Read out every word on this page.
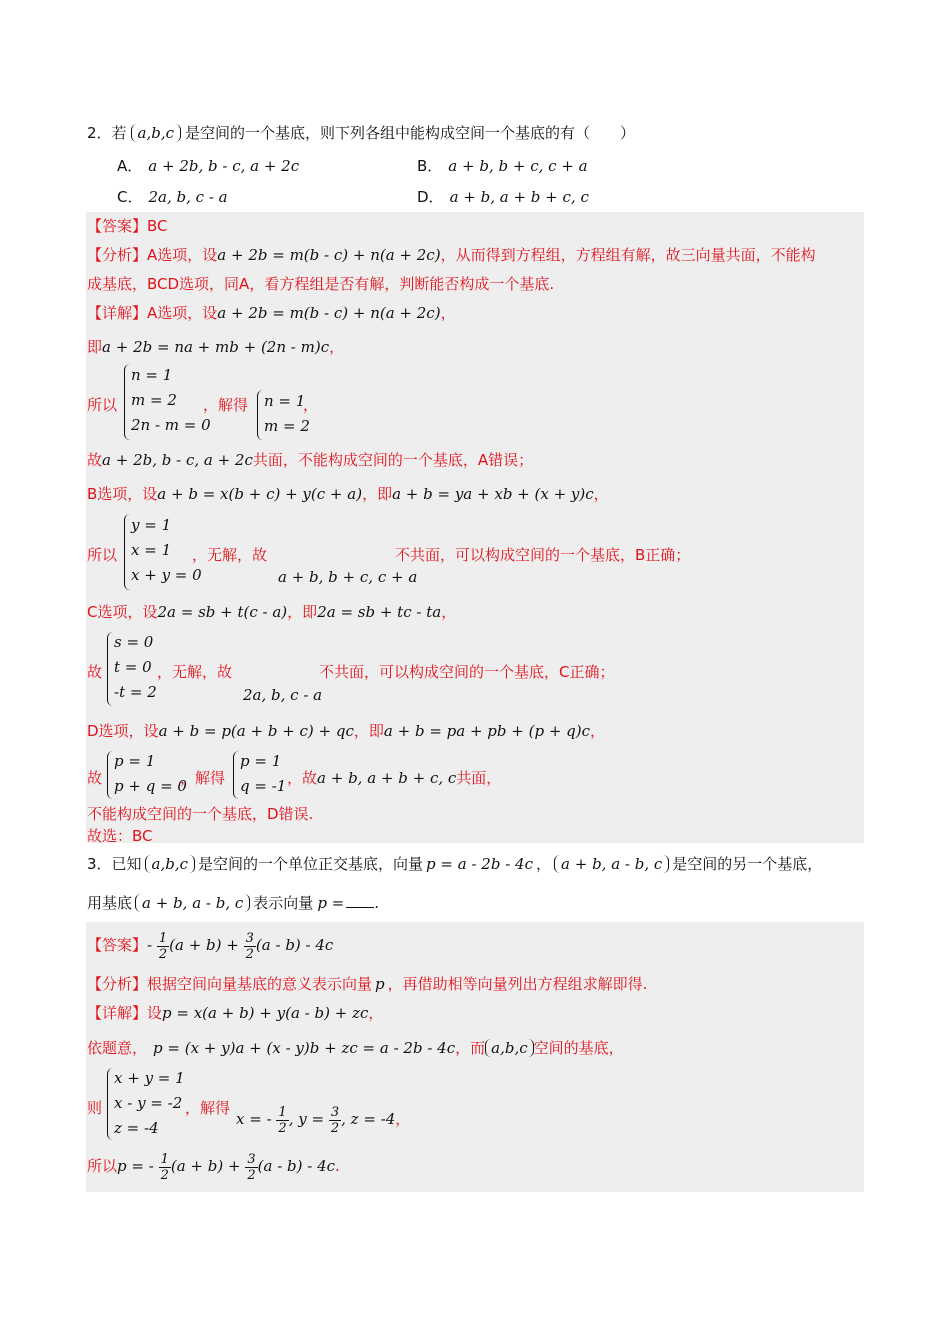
2．若 a,b,c 是空间的一个基底，则下列各组中能构成空间一个基底的有（　　）
A． a + 2b, b - c, a + 2c	B． a + b, b + c, c + a
C． 2a, b, c - a	D． a + b, a + b + c, c
【答案】BC
【分析】A选项，设a + 2b = m(b - c) + n(a + 2c)，从而得到方程组，方程组有解，故三向量共面，不能构
成基底，BCD选项，同A，看方程组是否有解，判断能否构成一个基底.
【详解】A选项，设a + 2b = m(b - c) + n(a + 2c)，
即a + 2b = na + mb + (2n - m)c，
所以
n = 1
m = 2
2n - m = 0
，解得 n = 1
m = 2
，
故a + 2b, b - c, a + 2c共面，不能构成空间的一个基底，A错误；
B选项，设a + b = x(b + c) + y(c + a)，即a + b = ya + xb + (x + y)c，
所以
y = 1
x = 1
x + y = 0
，无解，故
a + b, b + c, c + a
不共面，可以构成空间的一个基底，B正确；
C选项，设2a = sb + t(c - a)，即2a = sb + tc - ta，
故
s = 0
t = 0
-t = 2
，无解，故
2a, b, c - a
不共面，可以构成空间的一个基底，C正确；
D选项，设a + b = p(a + b + c) + qc，即a + b = pa + pb + (p + q)c，
故
p = 1
p + q = 0
，解得
p = 1
q = -1 ，故a + b, a + b + c, c共面，
不能构成空间的一个基底，D错误.
故选：BC
3．已知 a,b,c 是空间的一个单位正交基底，向量 p = a - 2b - 4c ， a + b, a - b, c 是空间的另一个基底，
用基底 a + b, a - b, c 表示向量 p = .
【答案】- $\frac{1}{2} (a + b) + \frac{3}{2} (a - b) - 4c$
【分析】根据空间向量基底的意义表示向量 p ，再借助相等向量列出方程组求解即得.
【详解】设p = x(a + b) + y(a - b) + zc，
依题意， p = (x + y)a + (x - y)b + zc = a - 2b - 4c，而 a,b,c 空间的基底，
则
x + y = 1
x - y = -2
z = -4
，解得
x = - $\frac{1}{2}$ , $y = \frac{3}{2}$ , z = -4，
所以p = - $\frac{1}{2} (a + b) + \frac{3}{2} (a - b) - 4c$.
